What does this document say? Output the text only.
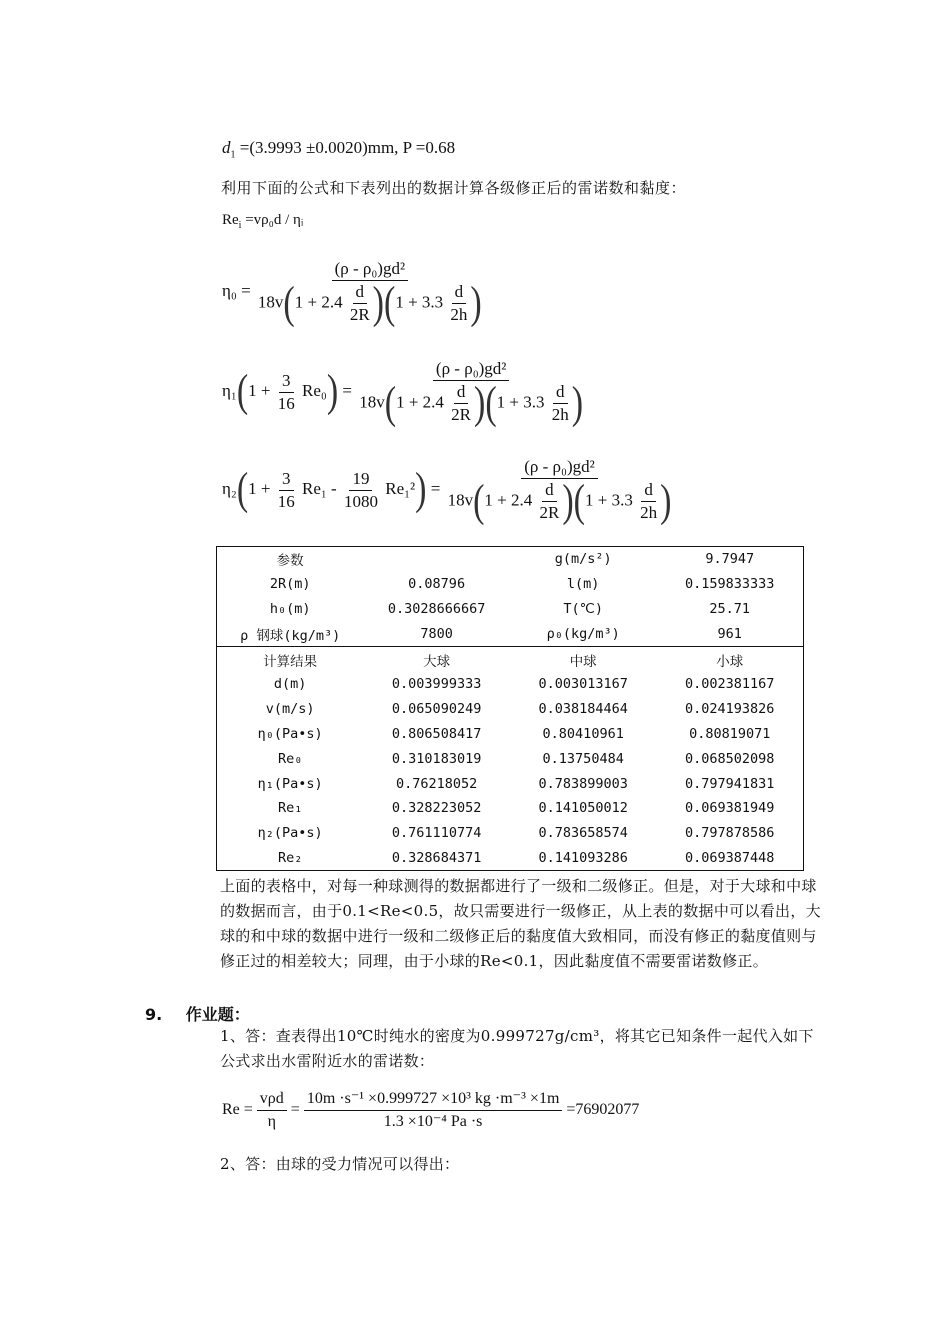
$d_1 =(3.9993 \pm 0.0020)mm$, P =0.68
利用下面的公式和下表列出的数据计算各级修正后的雷诺数和黏度：
$Re_i =v\rho_0d$ / ηᵢ
$\eta_0 = \frac{\text{(ρ - ρ₀)gd²}}{18v(1 + 2.4 \frac{d}{2R} )(1 + 3.3 \frac{d}{2h} )}$
$\eta_1(1 + \frac{3}{16} Re_0) = \frac{\text{(ρ - ρ₀)gd²}}{18v(1 + 2.4 \frac{d}{2R} )(1 + 3.3 \frac{d}{2h} )}$
$\eta_2(1 + \frac{3}{16} Re_1 - \frac{19}{1080} Re_1^2) = \frac{\text{(ρ - ρ₀)gd²}}{18v(1 + 2.4 \frac{d}{2R} )(1 + 3.3 \frac{d}{2h} )}$
参数		g(m/s²)	9.7947
2R(m)	0.08796	l(m)	0.159833333
h₀(m)	0.3028666667	T(℃)	25.71
ρ 钢球(kg/m³)	7800	ρ₀(kg/m³)	961
计算结果	大球	中球	小球
d(m)	0.003999333	0.003013167	0.002381167
v(m/s)	0.065090249	0.038184464	0.024193826
η₀(Pa•s)	0.806508417	0.80410961	0.80819071
Re₀	0.310183019	0.13750484	0.068502098
η₁(Pa•s)	0.76218052	0.783899003	0.797941831
Re₁	0.328223052	0.141050012	0.069381949
η₂(Pa•s)	0.761110774	0.783658574	0.797878586
Re₂	0.328684371	0.141093286	0.069387448
上面的表格中，对每一种球测得的数据都进行了一级和二级修正。但是，对于大球和中球的数据而言，由于0.1<Re<0.5，故只需要进行一级修正，从上表的数据中可以看出，大球的和中球的数据中进行一级和二级修正后的黏度值大致相同，而没有修正的黏度值则与修正过的相差较大；同理，由于小球的Re<0.1，因此黏度值不需要雷诺数修正。
9. 作业题：
1、答：查表得出10℃时纯水的密度为0.999727g/cm³，将其它已知条件一起代入如下公式求出水雷附近水的雷诺数：
$Re = \frac{\text{vρd}}{\eta} = \frac{\text{10m ·s⁻¹ ×0.999727 ×10³ kg ·m⁻³ ×1m}}{\text{1.3 ×10⁻⁴ Pa ·s}} =76902077$
2、答：由球的受力情况可以得出：
